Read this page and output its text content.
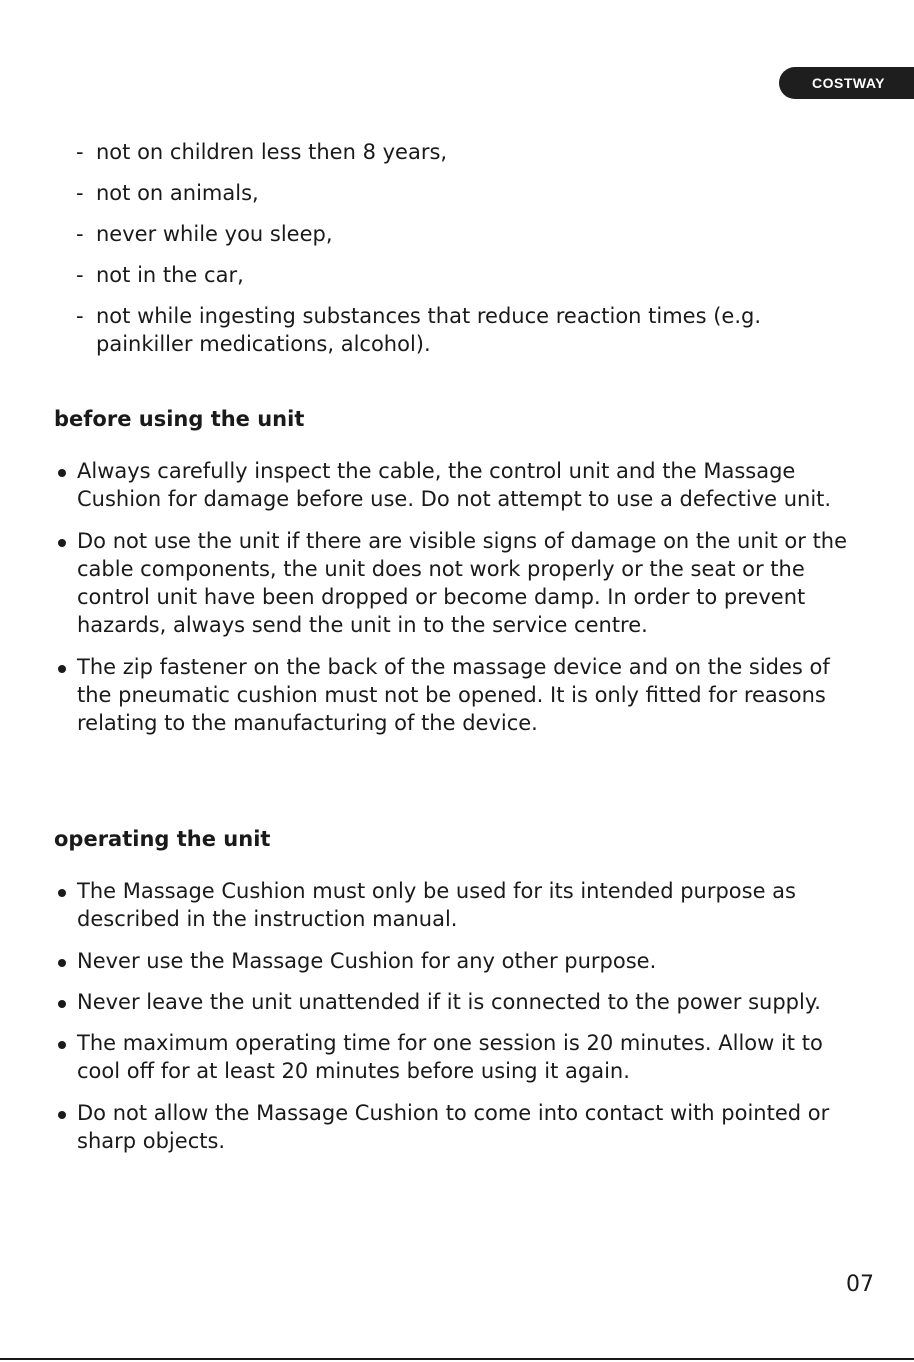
COSTWAY
- not on children less then 8 years,
- not on animals,
- never while you sleep,
- not in the car,
- not while ingesting substances that reduce reaction times (e.g. painkiller medications, alcohol).
before using the unit
Always carefully inspect the cable, the control unit and the Massage Cushion for damage before use. Do not attempt to use a defective unit.
Do not use the unit if there are visible signs of damage on the unit or the cable components, the unit does not work properly or the seat or the control unit have been dropped or become damp. In order to prevent hazards, always send the unit in to the service centre.
The zip fastener on the back of the massage device and on the sides of the pneumatic cushion must not be opened. It is only fitted for reasons relating to the manufacturing of the device.
operating the unit
The Massage Cushion must only be used for its intended purpose as described in the instruction manual.
Never use the Massage Cushion for any other purpose.
Never leave the unit unattended if it is connected to the power supply.
The maximum operating time for one session is 20 minutes. Allow it to cool off for at least 20 minutes before using it again.
Do not allow the Massage Cushion to come into contact with pointed or sharp objects.
07
